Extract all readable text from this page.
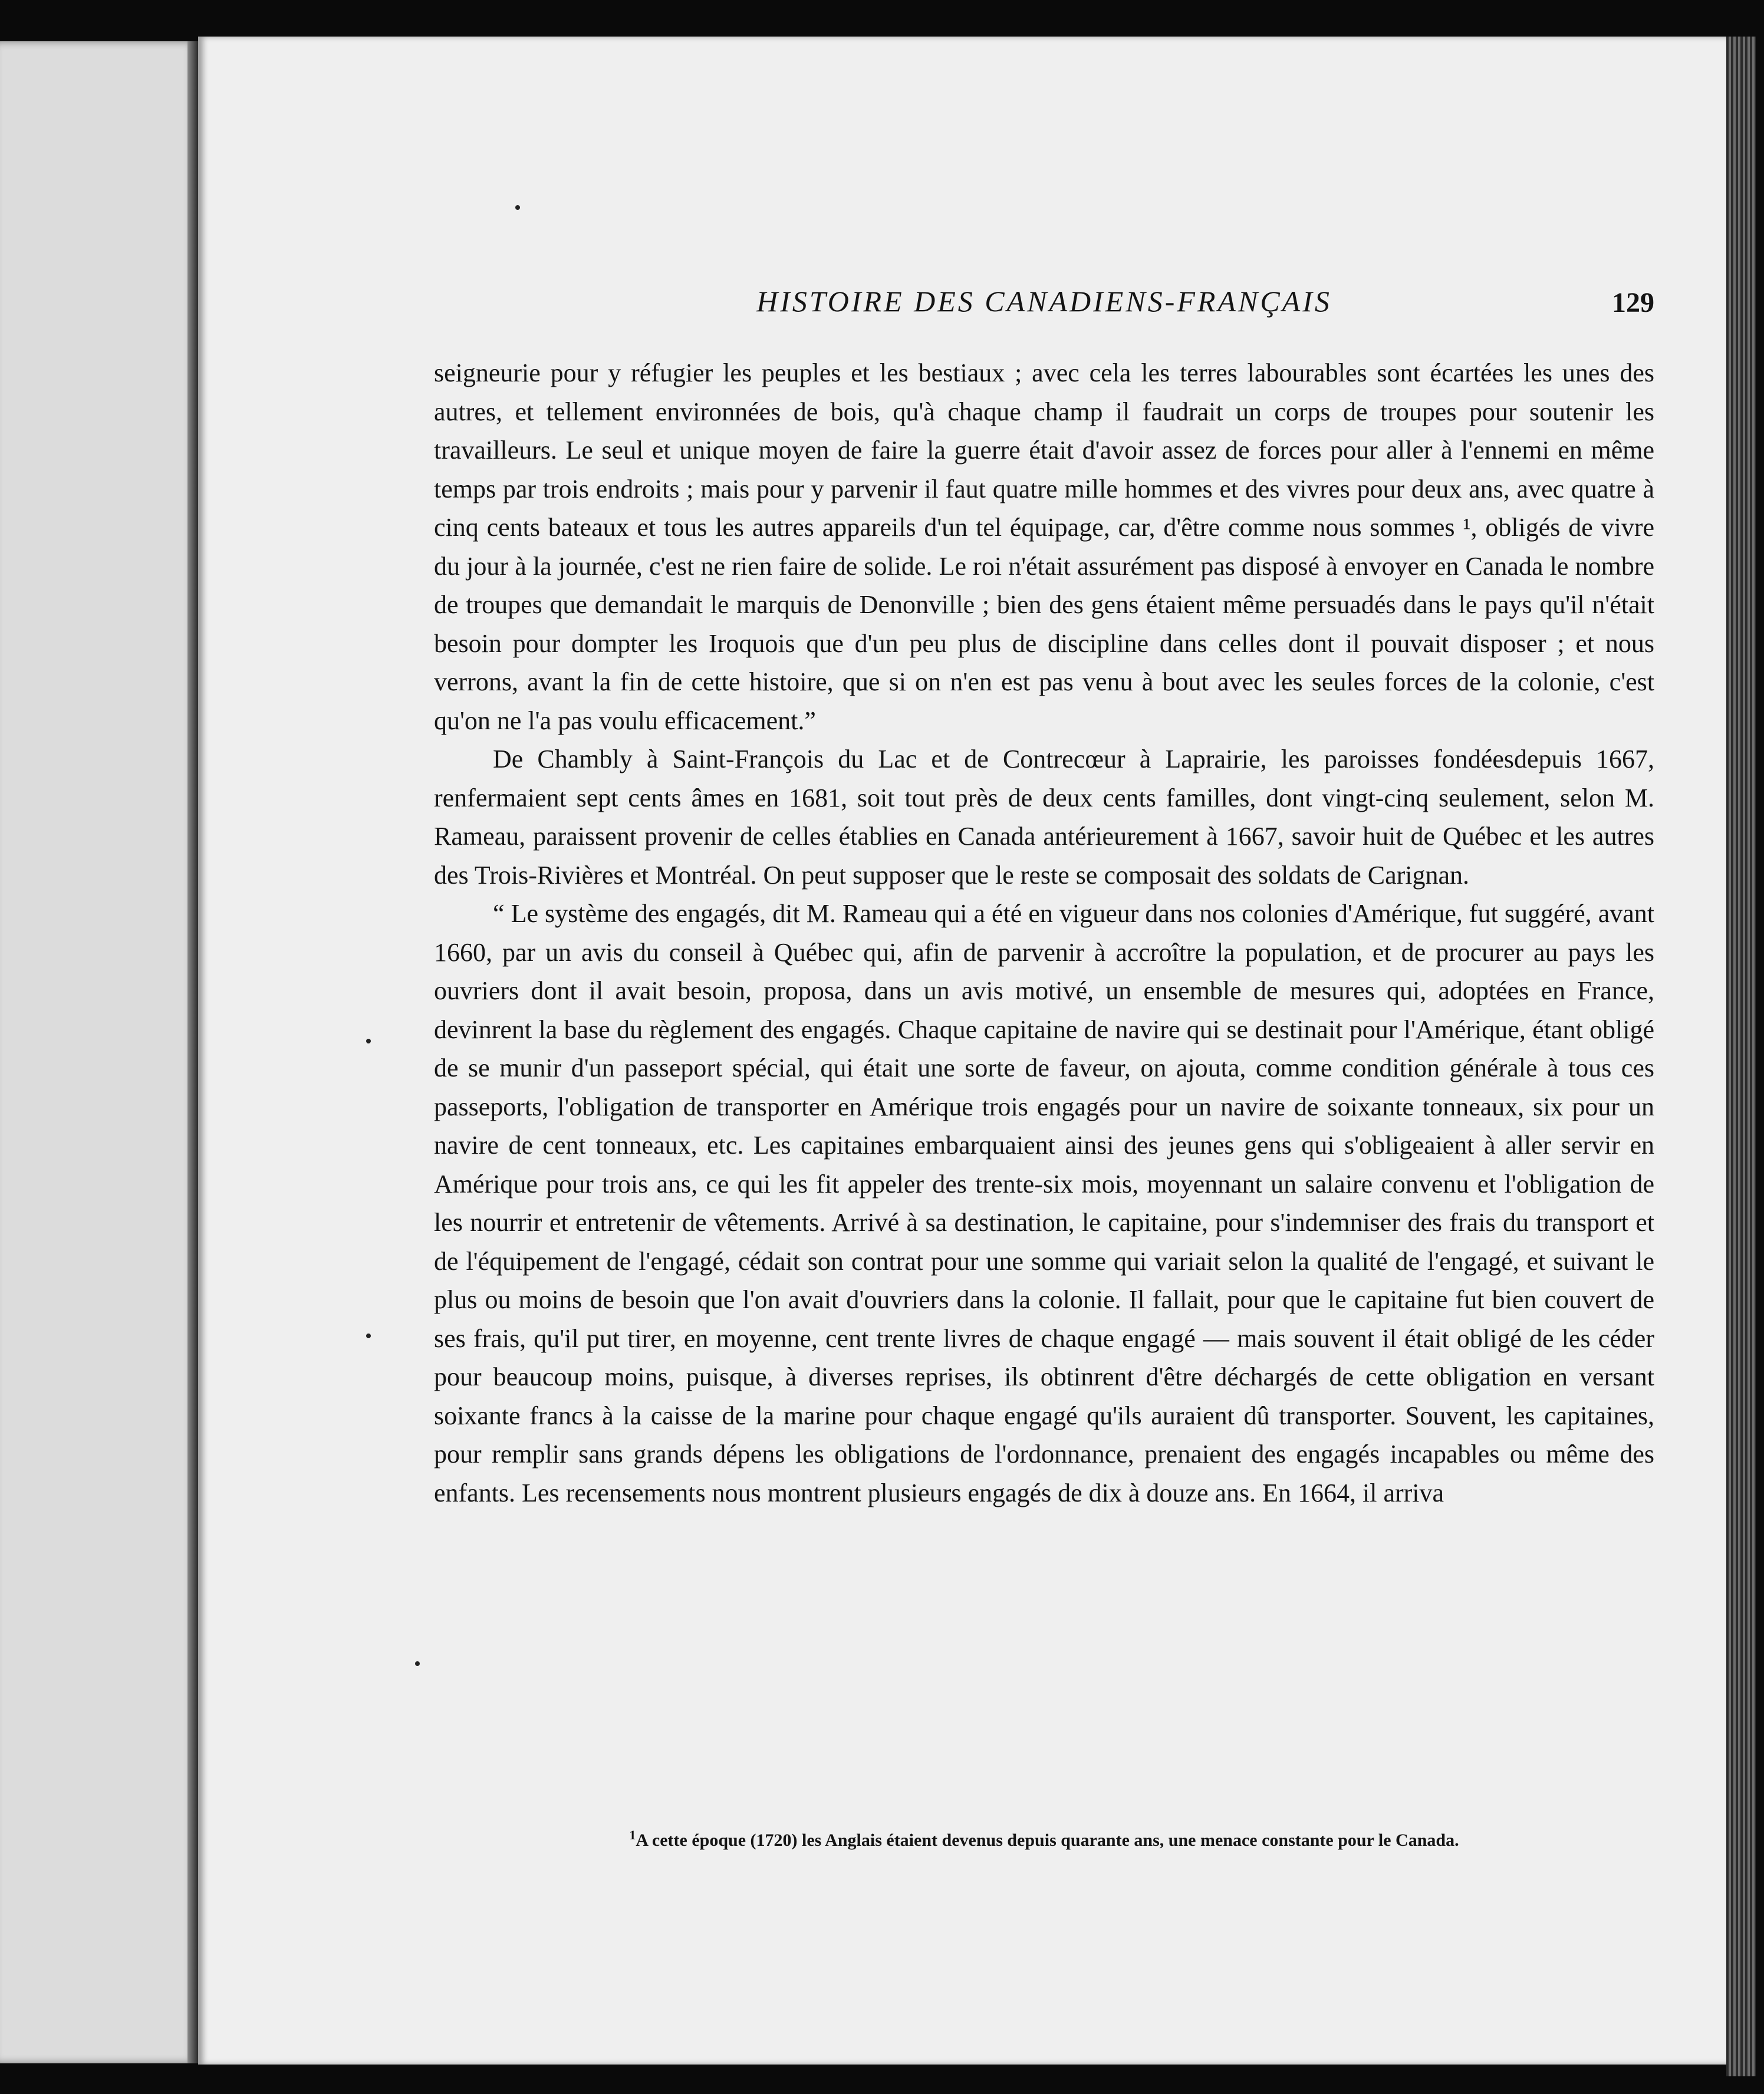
HISTOIRE DES CANADIENS-FRANÇAIS	129

seigneurie pour y réfugier les peuples et les bestiaux ; avec cela les terres labourables sont écartées les unes des autres, et tellement environnées de bois, qu'à chaque champ il faudrait un corps de troupes pour soutenir les travailleurs. Le seul et unique moyen de faire la guerre était d'avoir assez de forces pour aller à l'ennemi en même temps par trois endroits ; mais pour y parvenir il faut quatre mille hommes et des vivres pour deux ans, avec quatre à cinq cents bateaux et tous les autres appareils d'un tel équipage, car, d'être comme nous sommes ¹, obligés de vivre du jour à la journée, c'est ne rien faire de solide. Le roi n'était assurément pas disposé à envoyer en Canada le nombre de troupes que demandait le marquis de Denonville ; bien des gens étaient même persuadés dans le pays qu'il n'était besoin pour dompter les Iroquois que d'un peu plus de discipline dans celles dont il pouvait disposer ; et nous verrons, avant la fin de cette histoire, que si on n'en est pas venu à bout avec les seules forces de la colonie, c'est qu'on ne l'a pas voulu efficacement.”

De Chambly à Saint-François du Lac et de Contrecœur à Laprairie, les paroisses fondéesdepuis 1667, renfermaient sept cents âmes en 1681, soit tout près de deux cents familles, dont vingt-cinq seulement, selon M. Rameau, paraissent provenir de celles établies en Canada antérieurement à 1667, savoir huit de Québec et les autres des Trois-Rivières et Montréal. On peut supposer que le reste se composait des soldats de Carignan.

“ Le système des engagés, dit M. Rameau qui a été en vigueur dans nos colonies d'Amérique, fut suggéré, avant 1660, par un avis du conseil à Québec qui, afin de parvenir à accroître la population, et de procurer au pays les ouvriers dont il avait besoin, proposa, dans un avis motivé, un ensemble de mesures qui, adoptées en France, devinrent la base du règlement des engagés. Chaque capitaine de navire qui se destinait pour l'Amérique, étant obligé de se munir d'un passeport spécial, qui était une sorte de faveur, on ajouta, comme condition générale à tous ces passeports, l'obligation de transporter en Amérique trois engagés pour un navire de soixante tonneaux, six pour un navire de cent tonneaux, etc. Les capitaines embarquaient ainsi des jeunes gens qui s'obligeaient à aller servir en Amérique pour trois ans, ce qui les fit appeler des trente-six mois, moyennant un salaire convenu et l'obligation de les nourrir et entretenir de vêtements. Arrivé à sa destination, le capitaine, pour s'indemniser des frais du transport et de l'équipement de l'engagé, cédait son contrat pour une somme qui variait selon la qualité de l'engagé, et suivant le plus ou moins de besoin que l'on avait d'ouvriers dans la colonie. Il fallait, pour que le capitaine fut bien couvert de ses frais, qu'il put tirer, en moyenne, cent trente livres de chaque engagé — mais souvent il était obligé de les céder pour beaucoup moins, puisque, à diverses reprises, ils obtinrent d'être déchargés de cette obligation en versant soixante francs à la caisse de la marine pour chaque engagé qu'ils auraient dû transporter. Souvent, les capitaines, pour remplir sans grands dépens les obligations de l'ordonnance, prenaient des engagés incapables ou même des enfants. Les recensements nous montrent plusieurs engagés de dix à douze ans. En 1664, il arriva

$^1$A cette époque (1720) les Anglais étaient devenus depuis quarante ans, une menace constante pour le Canada.
